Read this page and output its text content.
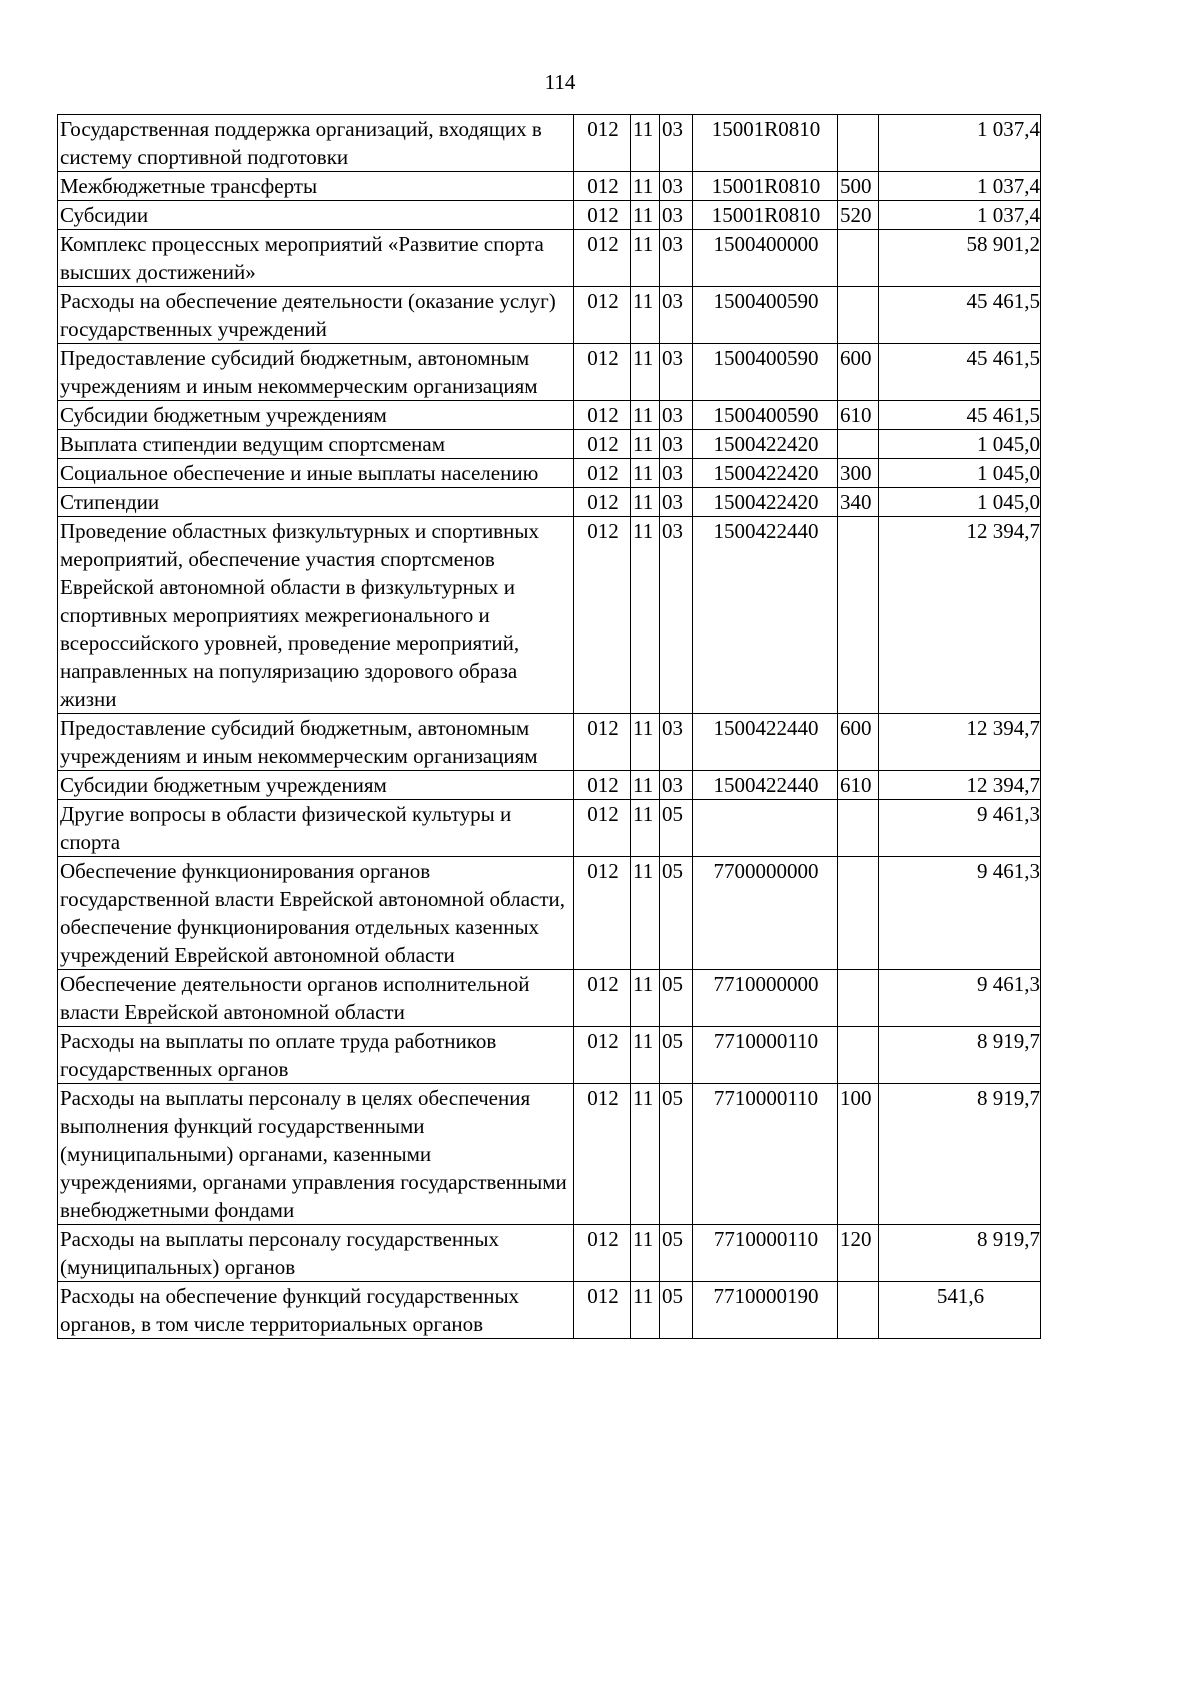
114
Государственная поддержка организаций, входящих в систему спортивной подготовки	012	11	03	15001R0810		1 037,4
Межбюджетные трансферты	012	11	03	15001R0810	500	1 037,4
Субсидии	012	11	03	15001R0810	520	1 037,4
Комплекс процессных мероприятий «Развитие спорта высших достижений»	012	11	03	1500400000		58 901,2
Расходы на обеспечение деятельности (оказание услуг) государственных учреждений	012	11	03	1500400590		45 461,5
Предоставление субсидий бюджетным, автономным учреждениям и иным некоммерческим организациям	012	11	03	1500400590	600	45 461,5
Субсидии бюджетным учреждениям	012	11	03	1500400590	610	45 461,5
Выплата стипендии ведущим спортсменам	012	11	03	1500422420		1 045,0
Социальное обеспечение и иные выплаты населению	012	11	03	1500422420	300	1 045,0
Стипендии	012	11	03	1500422420	340	1 045,0
Проведение областных физкультурных и спортивных мероприятий, обеспечение участия спортсменов Еврейской автономной области в физкультурных и спортивных мероприятиях межрегионального и всероссийского уровней, проведение мероприятий, направленных на популяризацию здорового образа жизни	012	11	03	1500422440		12 394,7
Предоставление субсидий бюджетным, автономным учреждениям и иным некоммерческим организациям	012	11	03	1500422440	600	12 394,7
Субсидии бюджетным учреждениям	012	11	03	1500422440	610	12 394,7
Другие вопросы в области физической культуры и спорта	012	11	05			9 461,3
Обеспечение функционирования органов государственной власти Еврейской автономной области, обеспечение функционирования отдельных казенных учреждений Еврейской автономной области	012	11	05	7700000000		9 461,3
Обеспечение деятельности органов исполнительной власти Еврейской автономной области	012	11	05	7710000000		9 461,3
Расходы на выплаты по оплате труда работников государственных органов	012	11	05	7710000110		8 919,7
Расходы на выплаты персоналу в целях обеспечения выполнения функций государственными (муниципальными) органами, казенными учреждениями, органами управления государственными внебюджетными фондами	012	11	05	7710000110	100	8 919,7
Расходы на выплаты персоналу государственных (муниципальных) органов	012	11	05	7710000110	120	8 919,7
Расходы на обеспечение функций государственных органов, в том числе территориальных органов	012	11	05	7710000190		541,6
